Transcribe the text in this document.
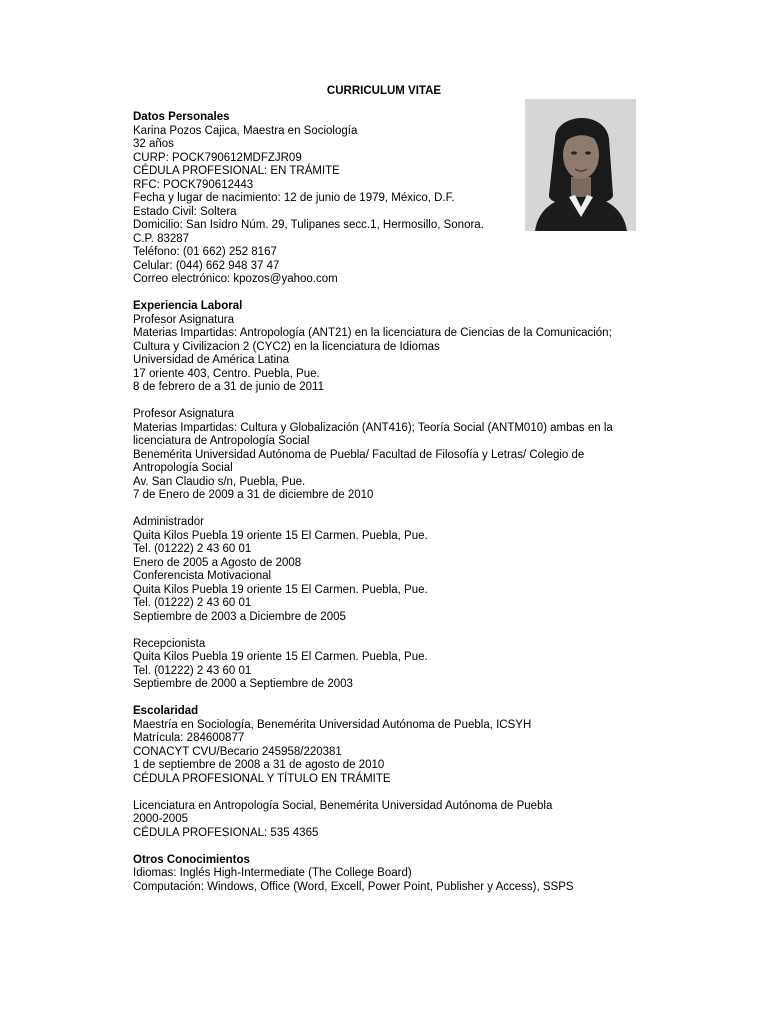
CURRICULUM VITAE
Datos Personales
Karina Pozos Cajica, Maestra en Sociología
32 años
CURP: POCK790612MDFZJR09
CÉDULA PROFESIONAL: EN TRÁMITE
RFC: POCK790612443
Fecha y lugar de nacimiento: 12 de junio de 1979, México, D.F.
Estado Civil: Soltera
Domicilio: San Isidro Núm. 29, Tulipanes secc.1, Hermosillo, Sonora.
C.P. 83287
Teléfono: (01 662) 252 8167
Celular: (044) 662 948 37 47
Correo electrónico: kpozos@yahoo.com
Experiencia Laboral
Profesor Asignatura
Materias Impartidas: Antropología (ANT21) en la licenciatura de Ciencias de la Comunicación;
Cultura y Civilizacion 2 (CYC2) en la licenciatura de Idiomas
Universidad de América Latina
17 oriente 403, Centro. Puebla, Pue.
8 de febrero de a 31 de junio de 2011
Profesor Asignatura
Materias Impartidas: Cultura y Globalización (ANT416); Teoría Social (ANTM010) ambas en la
licenciatura de Antropología Social
Benemérita Universidad Autónoma de Puebla/ Facultad de Filosofía y Letras/ Colegio de
Antropología Social
Av. San Claudio s/n, Puebla, Pue.
7 de Enero de 2009 a 31 de diciembre de 2010
Administrador
Quita Kilos Puebla 19 oriente 15 El Carmen. Puebla, Pue.
Tel. (01222) 2 43 60 01
Enero de 2005 a Agosto de 2008
Conferencista Motivacional
Quita Kilos Puebla 19 oriente 15 El Carmen. Puebla, Pue.
Tel. (01222) 2 43 60 01
Septiembre de 2003 a Diciembre de 2005
Recepcionista
Quita Kilos Puebla 19 oriente 15 El Carmen. Puebla, Pue.
Tel. (01222) 2 43 60 01
Septiembre de 2000 a Septiembre de 2003
Escolaridad
Maestría en Sociología, Benemérita Universidad Autónoma de Puebla, ICSYH
Matrícula: 284600877
CONACYT CVU/Becario 245958/220381
1 de septiembre de 2008 a 31 de agosto de 2010
CÉDULA PROFESIONAL Y TÍTULO EN TRÁMITE
Licenciatura en Antropología Social, Benemérita Universidad Autónoma de Puebla
2000-2005
CÉDULA PROFESIONAL: 535 4365
Otros Conocimientos
Idiomas: Inglés High-Intermediate (The College Board)
Computación: Windows, Office (Word, Excell, Power Point, Publisher y Access), SSPS
